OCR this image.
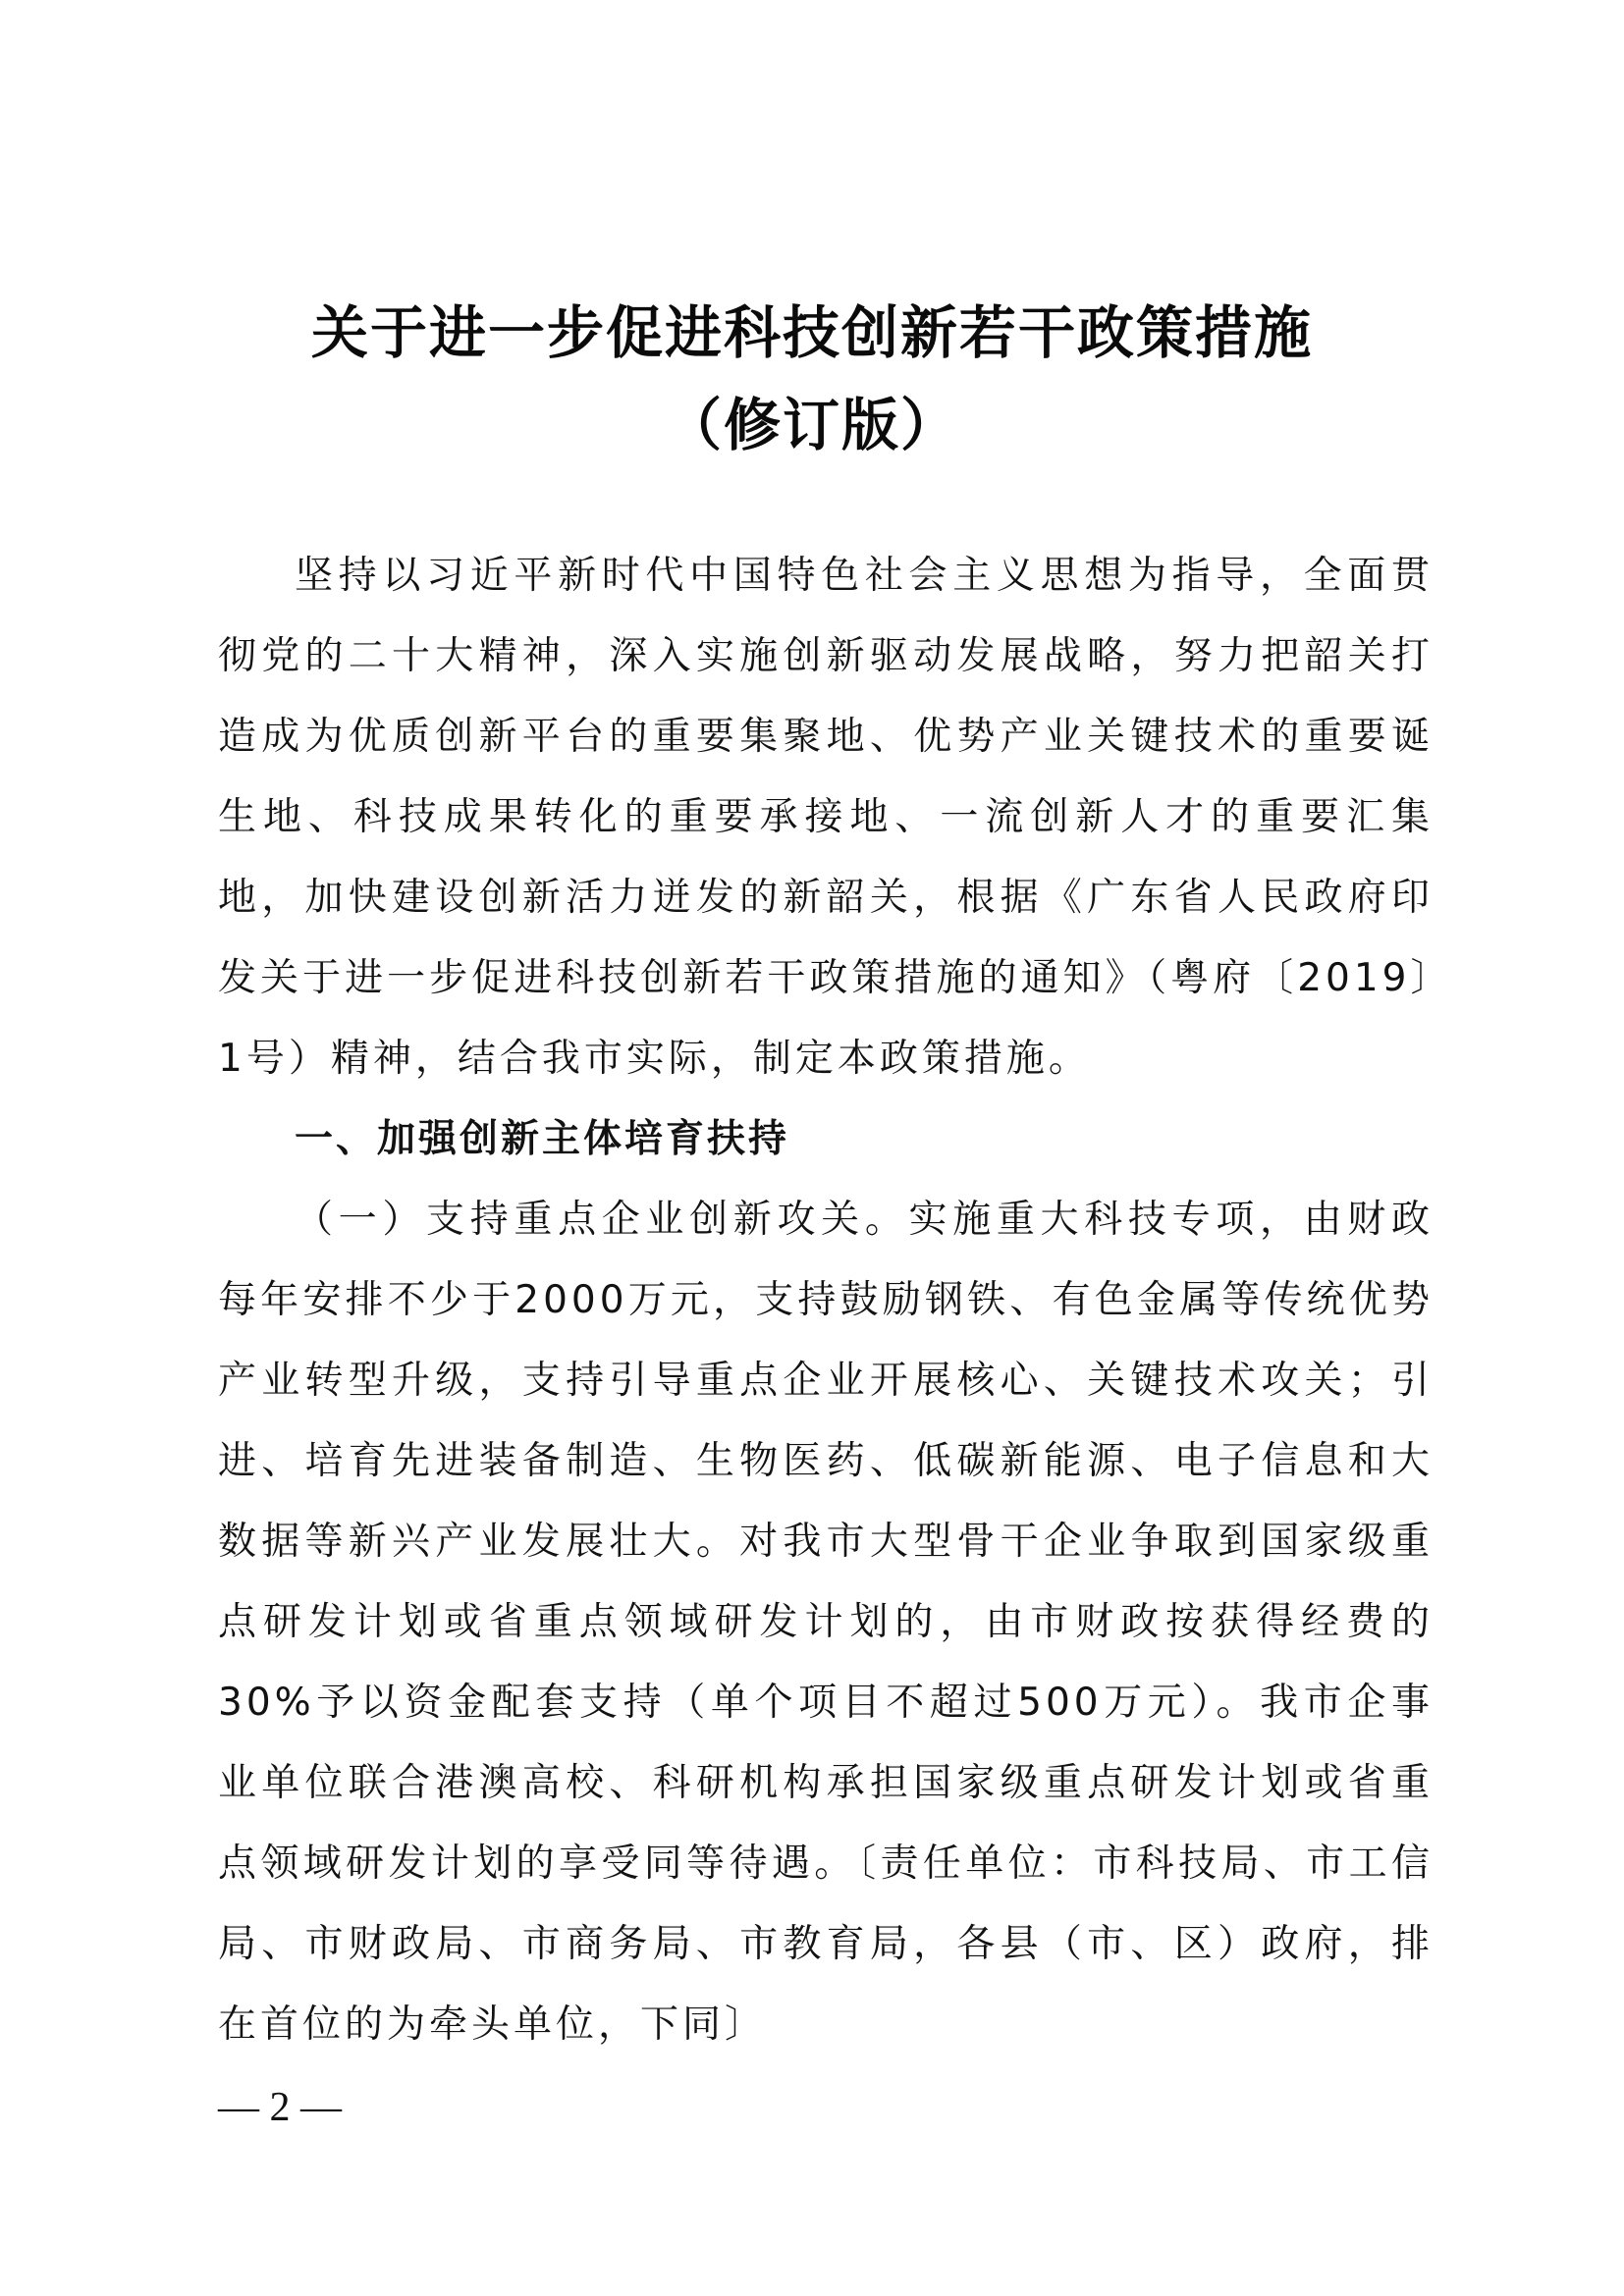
关于进一步促进科技创新若干政策措施
（修订版）

坚持以习近平新时代中国特色社会主义思想为指导，全面贯彻党的二十大精神，深入实施创新驱动发展战略，努力把韶关打造成为优质创新平台的重要集聚地、优势产业关键技术的重要诞生地、科技成果转化的重要承接地、一流创新人才的重要汇集地，加快建设创新活力迸发的新韶关，根据《广东省人民政府印发关于进一步促进科技创新若干政策措施的通知》（粤府〔2019〕1号）精神，结合我市实际，制定本政策措施。

一、加强创新主体培育扶持

（一）支持重点企业创新攻关。实施重大科技专项，由财政每年安排不少于2000万元，支持鼓励钢铁、有色金属等传统优势产业转型升级，支持引导重点企业开展核心、关键技术攻关；引进、培育先进装备制造、生物医药、低碳新能源、电子信息和大数据等新兴产业发展壮大。对我市大型骨干企业争取到国家级重点研发计划或省重点领域研发计划的，由市财政按获得经费的30%予以资金配套支持（单个项目不超过500万元）。我市企事业单位联合港澳高校、科研机构承担国家级重点研发计划或省重点领域研发计划的享受同等待遇。〔责任单位：市科技局、市工信局、市财政局、市商务局、市教育局，各县（市、区）政府，排在首位的为牵头单位，下同〕

— 2 —
